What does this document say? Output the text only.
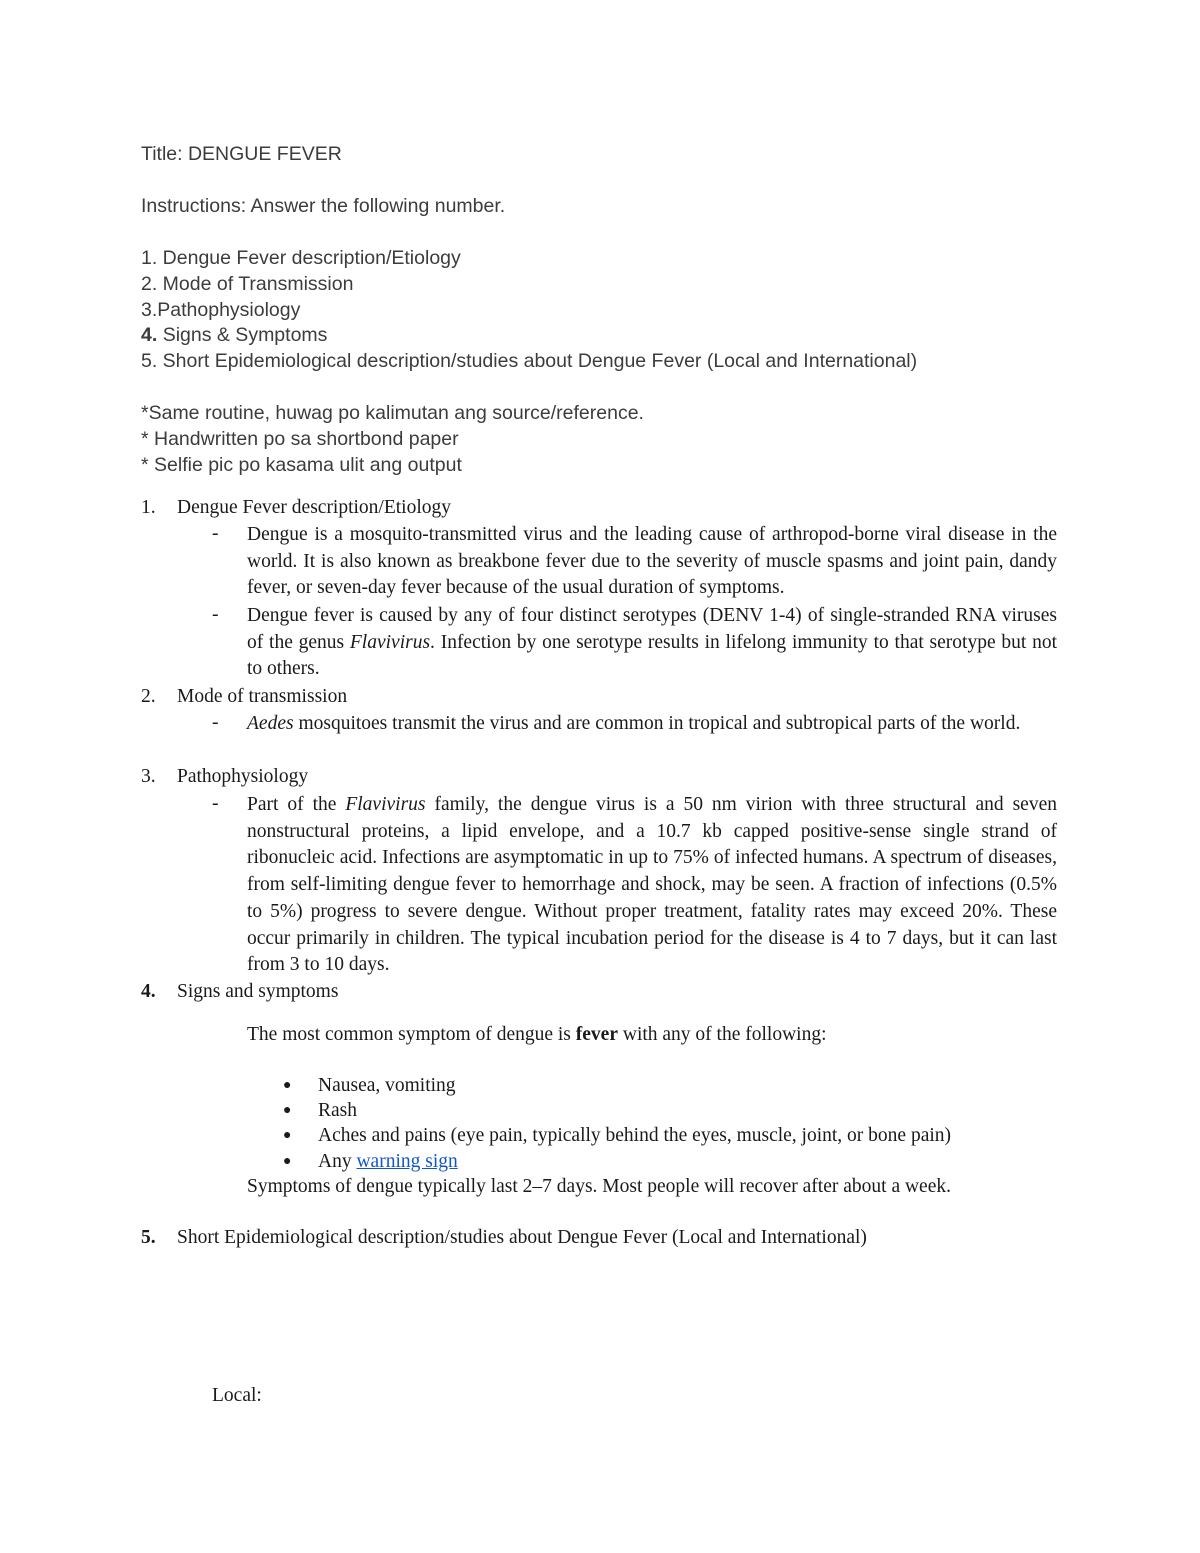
Title: DENGUE FEVER
Instructions: Answer the following number.
1. Dengue Fever description/Etiology
2. Mode of Transmission
3.Pathophysiology
4. Signs & Symptoms
5. Short Epidemiological description/studies about Dengue Fever (Local and International)
*Same routine, huwag po kalimutan ang source/reference.
* Handwritten po sa shortbond paper
* Selfie pic po kasama ulit ang output
1. Dengue Fever description/Etiology
- Dengue is a mosquito-transmitted virus and the leading cause of arthropod-borne viral disease in the world. It is also known as breakbone fever due to the severity of muscle spasms and joint pain, dandy fever, or seven-day fever because of the usual duration of symptoms.
- Dengue fever is caused by any of four distinct serotypes (DENV 1-4) of single-stranded RNA viruses of the genus Flavivirus. Infection by one serotype results in lifelong immunity to that serotype but not to others.
2. Mode of transmission
- Aedes mosquitoes transmit the virus and are common in tropical and subtropical parts of the world.
3. Pathophysiology
- Part of the Flavivirus family, the dengue virus is a 50 nm virion with three structural and seven nonstructural proteins, a lipid envelope, and a 10.7 kb capped positive-sense single strand of ribonucleic acid. Infections are asymptomatic in up to 75% of infected humans. A spectrum of diseases, from self-limiting dengue fever to hemorrhage and shock, may be seen. A fraction of infections (0.5% to 5%) progress to severe dengue. Without proper treatment, fatality rates may exceed 20%. These occur primarily in children. The typical incubation period for the disease is 4 to 7 days, but it can last from 3 to 10 days.
4. Signs and symptoms
The most common symptom of dengue is fever with any of the following:
● Nausea, vomiting
● Rash
● Aches and pains (eye pain, typically behind the eyes, muscle, joint, or bone pain)
● Any warning sign
Symptoms of dengue typically last 2–7 days. Most people will recover after about a week.
5. Short Epidemiological description/studies about Dengue Fever (Local and International)
Local:
